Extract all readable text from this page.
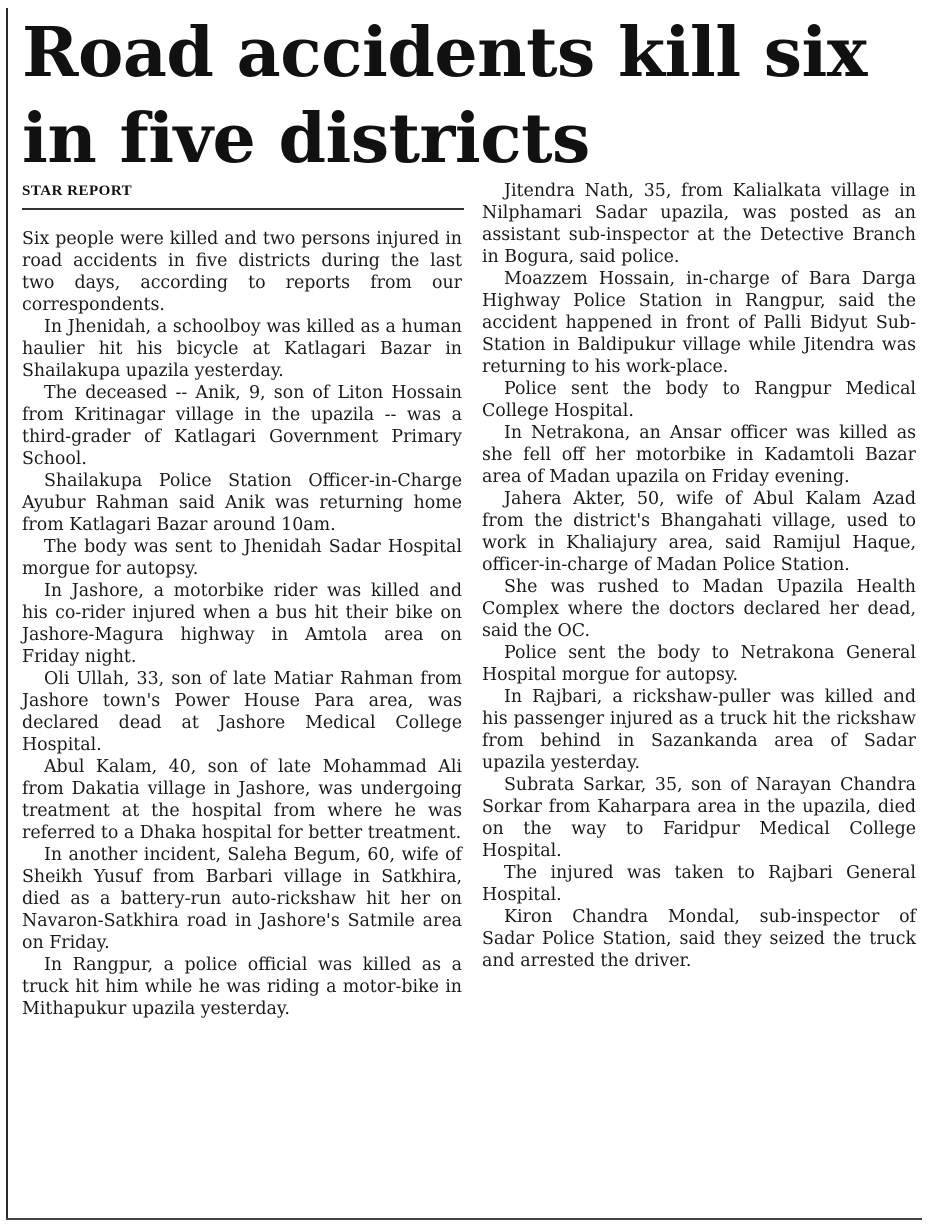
Road accidents kill six
in five districts
STAR REPORT

Six people were killed and two persons injured in road accidents in five districts during the last two days, according to reports from our correspondents.

In Jhenidah, a schoolboy was killed as a human haulier hit his bicycle at Katlagari Bazar in Shailakupa upazila yesterday.

The deceased -- Anik, 9, son of Liton Hossain from Kritinagar village in the upazila -- was a third-grader of Katlagari Government Primary School.

Shailakupa Police Station Officer-in-Charge Ayubur Rahman said Anik was returning home from Katlagari Bazar around 10am.

The body was sent to Jhenidah Sadar Hospital morgue for autopsy.

In Jashore, a motorbike rider was killed and his co-rider injured when a bus hit their bike on Jashore-Magura highway in Amtola area on Friday night.

Oli Ullah, 33, son of late Matiar Rahman from Jashore town's Power House Para area, was declared dead at Jashore Medical College Hospital.

Abul Kalam, 40, son of late Mohammad Ali from Dakatia village in Jashore, was undergoing treatment at the hospital from where he was referred to a Dhaka hospital for better treatment.

In another incident, Saleha Begum, 60, wife of Sheikh Yusuf from Barbari village in Satkhira, died as a battery-run auto-rickshaw hit her on Navaron-Satkhira road in Jashore's Satmile area on Friday.

In Rangpur, a police official was killed as a truck hit him while he was riding a motor-bike in Mithapukur upazila yesterday.

Jitendra Nath, 35, from Kalialkata village in Nilphamari Sadar upazila, was posted as an assistant sub-inspector at the Detective Branch in Bogura, said police.

Moazzem Hossain, in-charge of Bara Darga Highway Police Station in Rangpur, said the accident happened in front of Palli Bidyut Sub-Station in Baldipukur village while Jitendra was returning to his work-place.

Police sent the body to Rangpur Medical College Hospital.

In Netrakona, an Ansar officer was killed as she fell off her motorbike in Kadamtoli Bazar area of Madan upazila on Friday evening.

Jahera Akter, 50, wife of Abul Kalam Azad from the district's Bhangahati village, used to work in Khaliajury area, said Ramijul Haque, officer-in-charge of Madan Police Station.

She was rushed to Madan Upazila Health Complex where the doctors declared her dead, said the OC.

Police sent the body to Netrakona General Hospital morgue for autopsy.

In Rajbari, a rickshaw-puller was killed and his passenger injured as a truck hit the rickshaw from behind in Sazankanda area of Sadar upazila yesterday.

Subrata Sarkar, 35, son of Narayan Chandra Sorkar from Kaharpara area in the upazila, died on the way to Faridpur Medical College Hospital.

The injured was taken to Rajbari General Hospital.

Kiron Chandra Mondal, sub-inspector of Sadar Police Station, said they seized the truck and arrested the driver.
